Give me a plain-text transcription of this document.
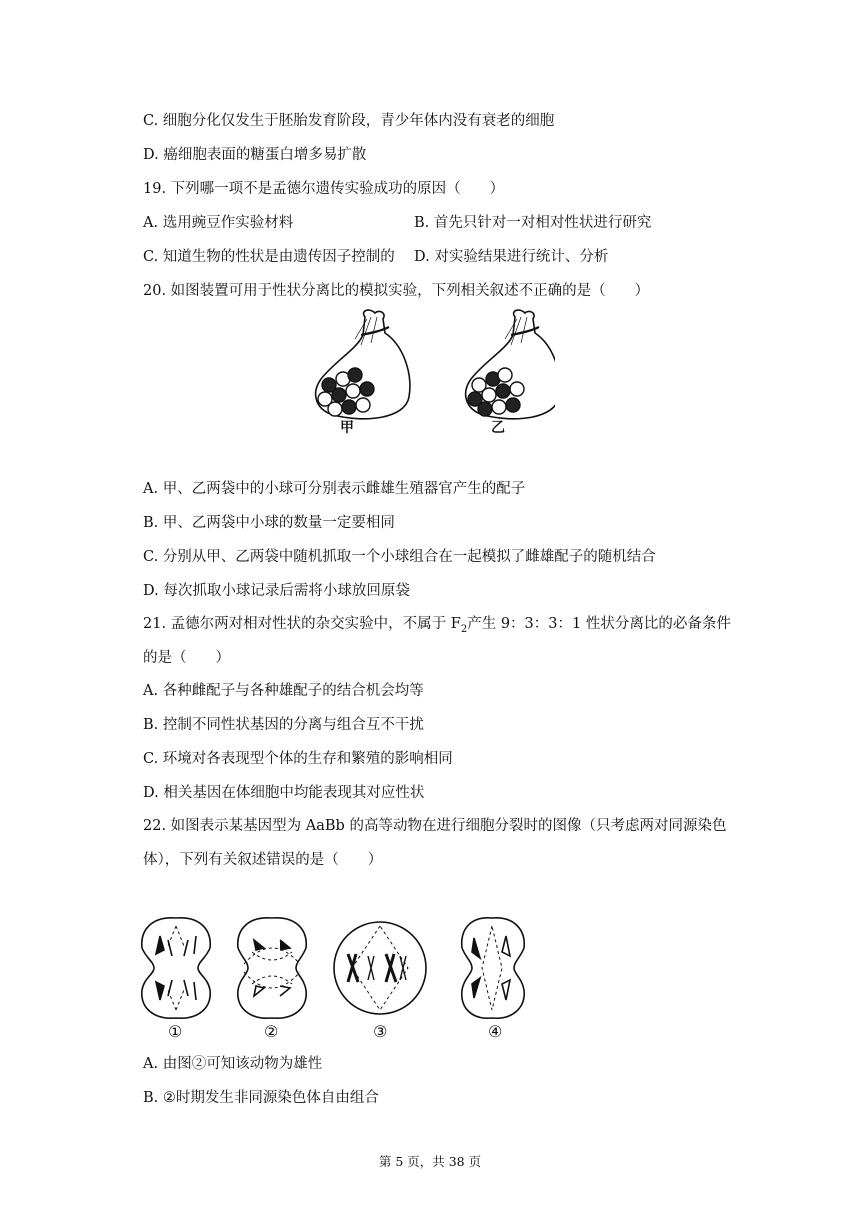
C. 细胞分化仅发生于胚胎发育阶段，青少年体内没有衰老的细胞
D. 癌细胞表面的糖蛋白增多易扩散
19. 下列哪一项不是孟德尔遗传实验成功的原因（　　）
A. 选用豌豆作实验材料	B. 首先只针对一对相对性状进行研究
C. 知道生物的性状是由遗传因子控制的 D. 对实验结果进行统计、分析
20. 如图装置可用于性状分离比的模拟实验，下列相关叙述不正确的是（　　）
甲	乙
A. 甲、乙两袋中的小球可分别表示雌雄生殖器官产生的配子
B. 甲、乙两袋中小球的数量一定要相同
C. 分别从甲、乙两袋中随机抓取一个小球组合在一起模拟了雌雄配子的随机结合
D. 每次抓取小球记录后需将小球放回原袋
21. 孟德尔两对相对性状的杂交实验中，不属于 $F_2$产生 9：3：3：1 性状分离比的必备条件
的是（　　）
A. 各种雌配子与各种雄配子的结合机会均等
B. 控制不同性状基因的分离与组合互不干扰
C. 环境对各表现型个体的生存和繁殖的影响相同
D. 相关基因在体细胞中均能表现其对应性状
22. 如图表示某基因型为 AaBb 的高等动物在进行细胞分裂时的图像（只考虑两对同源染色
体），下列有关叙述错误的是（　　）
①	②	③	④
A. 由图②可知该动物为雄性
B. ②时期发生非同源染色体自由组合
第 5 页，共 38 页
